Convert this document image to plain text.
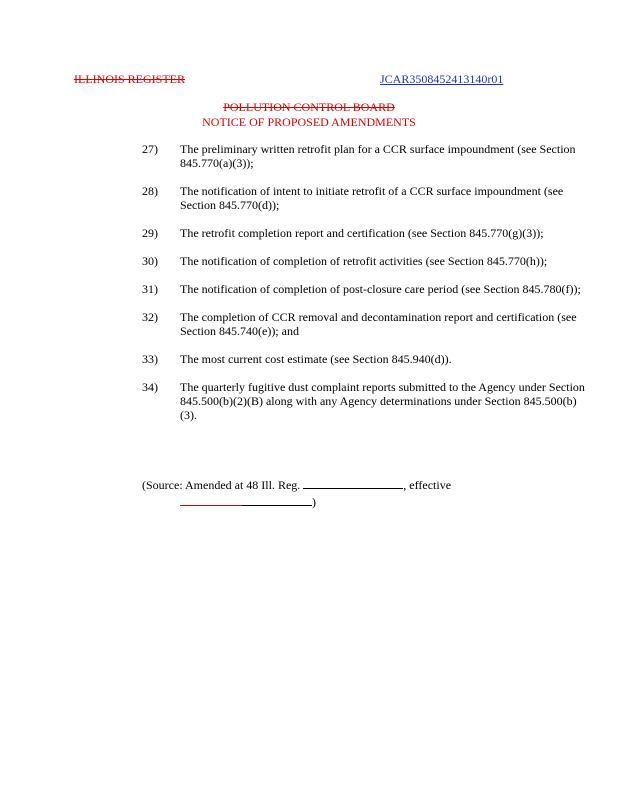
ILLINOIS REGISTER	JCAR3508452413140r01
POLLUTION CONTROL BOARD
NOTICE OF PROPOSED AMENDMENTS
27)	The preliminary written retrofit plan for a CCR surface impoundment (see Section 845.770(a)(3));
28)	The notification of intent to initiate retrofit of a CCR surface impoundment (see Section 845.770(d));
29)	The retrofit completion report and certification (see Section 845.770(g)(3));
30)	The notification of completion of retrofit activities (see Section 845.770(h));
31)	The notification of completion of post-closure care period (see Section 845.780(f));
32)	The completion of CCR removal and decontamination report and certification (see Section 845.740(e)); and
33)	The most current cost estimate (see Section 845.940(d)).
34)	The quarterly fugitive dust complaint reports submitted to the Agency under Section 845.500(b)(2)(B) along with any Agency determinations under Section 845.500(b)(3).
(Source: Amended at 48 Ill. Reg.	, effective
)
